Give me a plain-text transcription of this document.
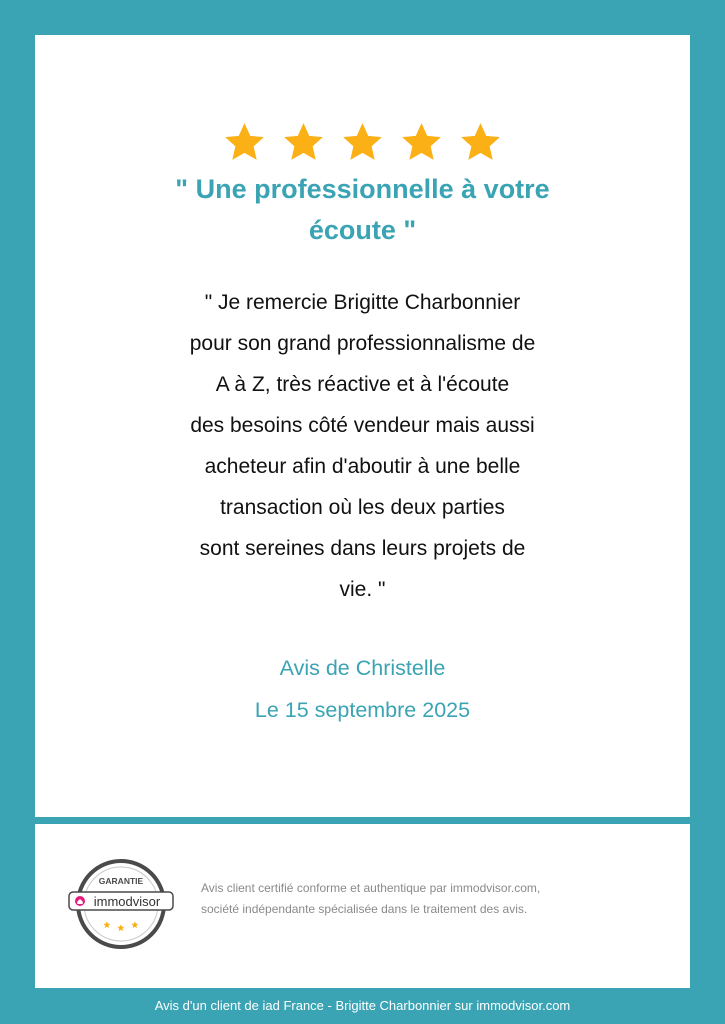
" Une professionnelle à votre
écoute "
" Je remercie Brigitte Charbonnier
pour son grand professionnalisme de
A à Z, très réactive et à l'écoute
des besoins côté vendeur mais aussi
acheteur afin d'aboutir à une belle
transaction où les deux parties
sont sereines dans leurs projets de
vie. "
Avis de Christelle
Le 15 septembre 2025
GARANTIE
immodvisor
Avis client certifié conforme et authentique par immodvisor.com,
société indépendante spécialisée dans le traitement des avis.
Avis d'un client de iad France - Brigitte Charbonnier sur immodvisor.com
